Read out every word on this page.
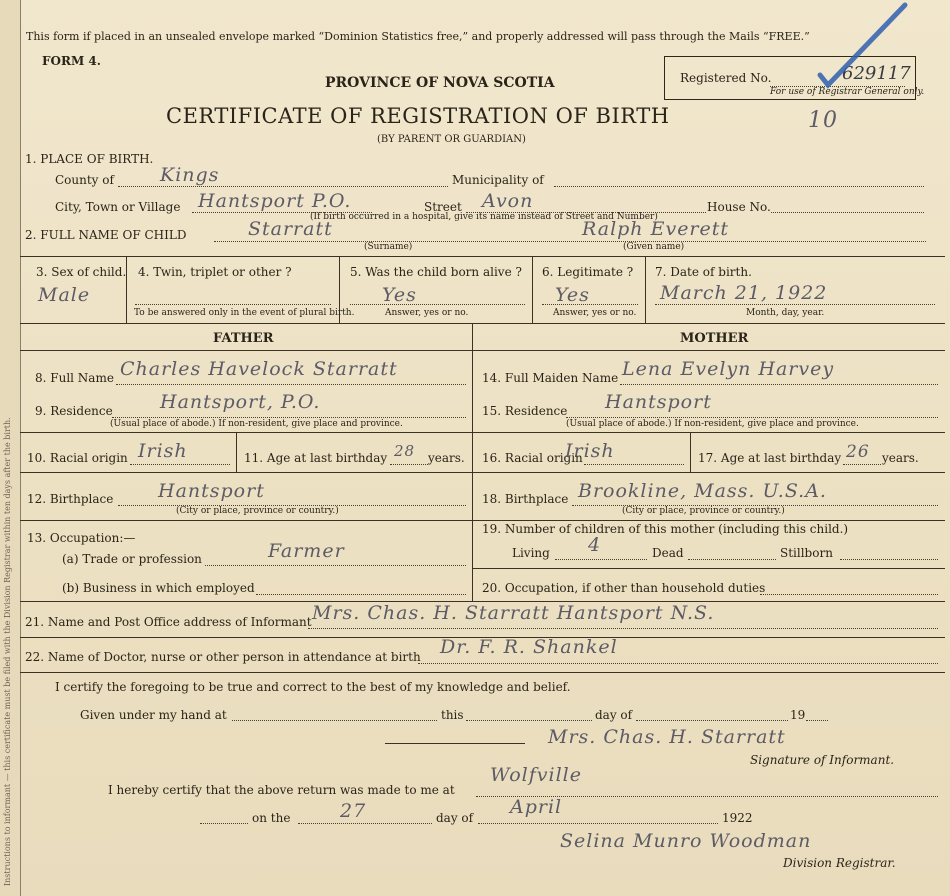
Instructions to informant — this certificate must be filed with the Division Registrar within ten days after the birth.
This form if placed in an unsealed envelope marked “Dominion Statistics free,” and properly addressed will pass through the Mails “FREE.”
FORM 4.
PROVINCE OF NOVA SCOTIA
CERTIFICATE OF REGISTRATION OF BIRTH
(BY PARENT OR GUARDIAN)
Registered No.	629117
For use of Registrar General only.
10
1. PLACE OF BIRTH.
County of Kings	Municipality of
City, Town or Village Hantsport P.O.	Street Avon	House No.
(If birth occurred in a hospital, give its name instead of Street and Number)
2. FULL NAME OF CHILD	Starratt
(Surname)
Ralph Everett
(Given name)
3. Sex of child.
Male
4. Twin, triplet or other ?
To be answered only in the event of plural birth.
5. Was the child born alive ?
Yes
Answer, yes or no.
6. Legitimate ?
Yes
Answer, yes or no.
7. Date of birth.
March 21, 1922
Month, day, year.
FATHER	MOTHER
8. Full Name Charles Havelock Starratt
9. Residence Hantsport, P.O.
(Usual place of abode.) If non-resident, give place and province.
10. Racial origin Irish	11. Age at last birthday 28 years.
12. Birthplace Hantsport
(City or place, province or country.)
13. Occupation:—
(a) Trade or profession	Farmer
(b) Business in which employed
14. Full Maiden Name Lena Evelyn Harvey
15. Residence Hantsport
(Usual place of abode.) If non-resident, give place and province.
16. Racial origin
Irish	17. Age at last birthday 26 years.
18. Birthplace Brookline, Mass. U.S.A.
(City or place, province or country.)
19. Number of children of this mother (including this child.)
Living 4	Dead	Stillborn
20. Occupation, if other than household duties
21. Name and Post Office address of Informant Mrs. Chas. H. Starratt Hantsport N.S.
22. Name of Doctor, nurse or other person in attendance at birth Dr. F. R. Shankel
I certify the foregoing to be true and correct to the best of my knowledge and belief.
Given under my hand at	this	day of	19
Mrs. Chas. H. Starratt
Signature of Informant.
I hereby certify that the above return was made to me at
Wolfville
on the	27	day of April	1922
Selina Munro Woodman
Division Registrar.
